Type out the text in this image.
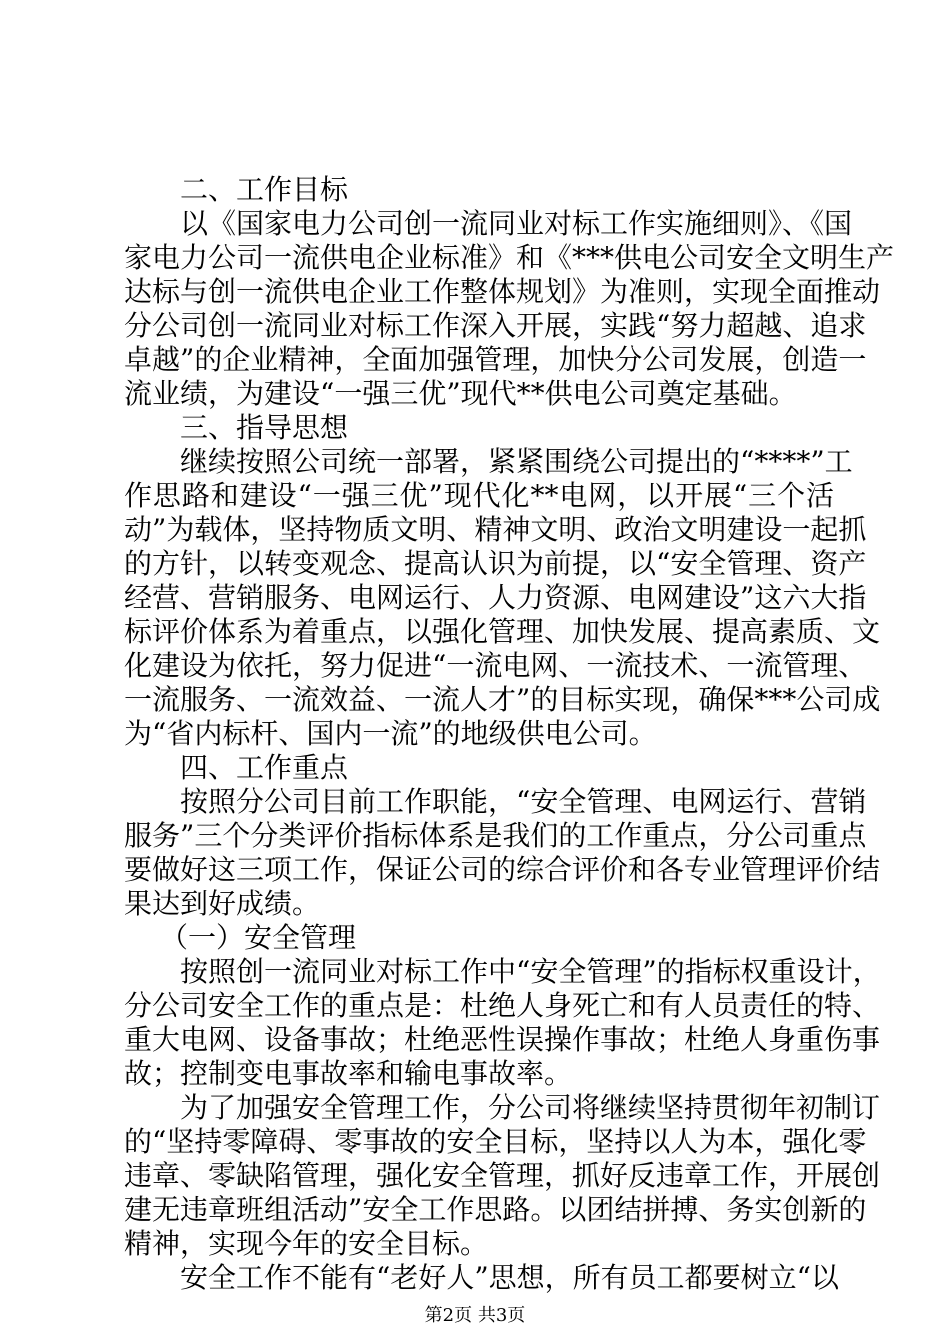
二、工作目标
以《国家电力公司创一流同业对标工作实施细则》、《国
家电力公司一流供电企业标准》和《***供电公司安全文明生产
达标与创一流供电企业工作整体规划》为准则，实现全面推动
分公司创一流同业对标工作深入开展，实践“努力超越、追求
卓越”的企业精神，全面加强管理，加快分公司发展，创造一
流业绩，为建设“一强三优”现代**供电公司奠定基础。
三、指导思想
继续按照公司统一部署，紧紧围绕公司提出的“****”工
作思路和建设“一强三优”现代化**电网，以开展“三个活
动”为载体，坚持物质文明、精神文明、政治文明建设一起抓
的方针，以转变观念、提高认识为前提，以“安全管理、资产
经营、营销服务、电网运行、人力资源、电网建设”这六大指
标评价体系为着重点，以强化管理、加快发展、提高素质、文
化建设为依托，努力促进“一流电网、一流技术、一流管理、
一流服务、一流效益、一流人才”的目标实现，确保***公司成
为“省内标杆、国内一流”的地级供电公司。
四、工作重点
按照分公司目前工作职能，“安全管理、电网运行、营销
服务”三个分类评价指标体系是我们的工作重点，分公司重点
要做好这三项工作，保证公司的综合评价和各专业管理评价结
果达到好成绩。
（一）安全管理
按照创一流同业对标工作中“安全管理”的指标权重设计，
分公司安全工作的重点是：杜绝人身死亡和有人员责任的特、
重大电网、设备事故；杜绝恶性误操作事故；杜绝人身重伤事
故；控制变电事故率和输电事故率。
为了加强安全管理工作，分公司将继续坚持贯彻年初制订
的“坚持零障碍、零事故的安全目标，坚持以人为本，强化零
违章、零缺陷管理，强化安全管理，抓好反违章工作，开展创
建无违章班组活动”安全工作思路。以团结拼搏、务实创新的
精神，实现今年的安全目标。
安全工作不能有“老好人”思想，所有员工都要树立“以
第2页 共3页
